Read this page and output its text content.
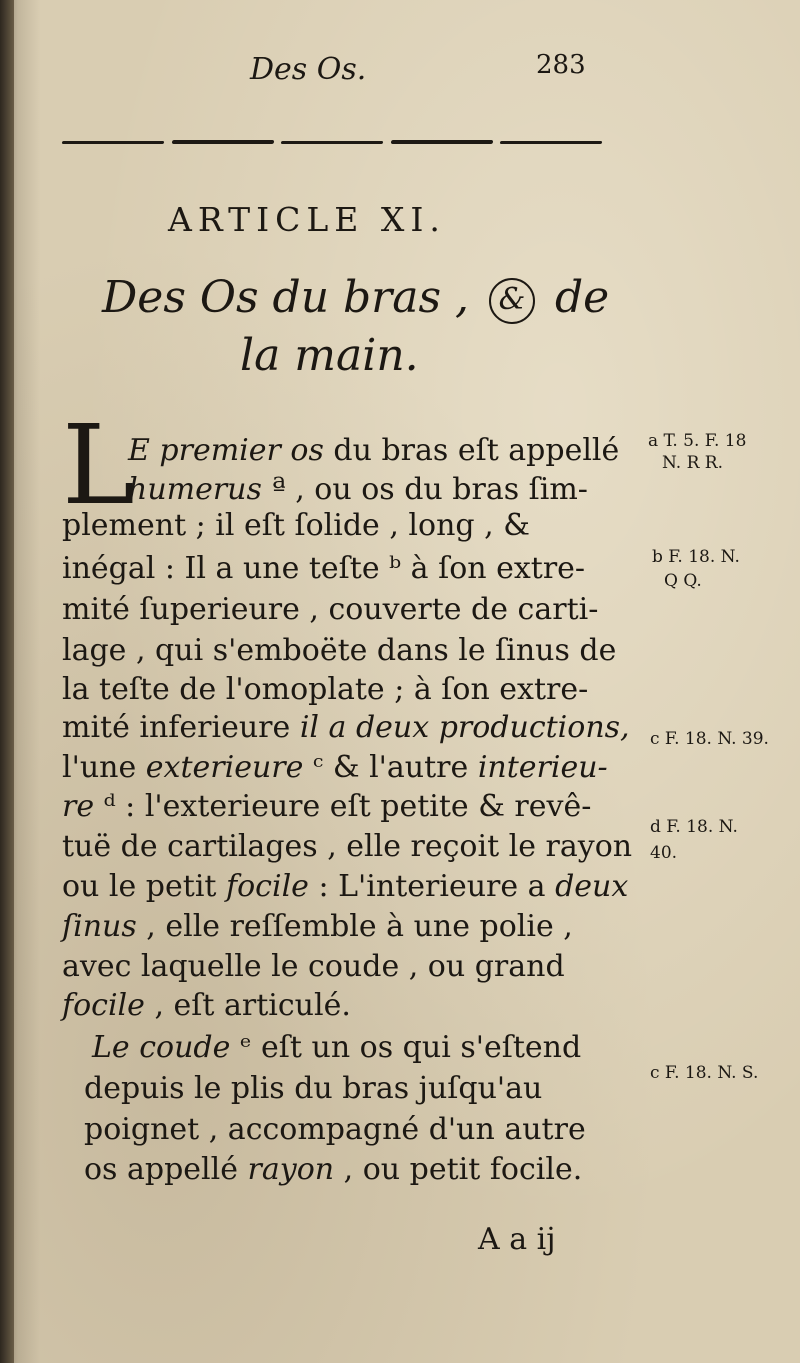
Des Os.	283
ARTICLE XI.
Des Os du bras , & de
la main.
L	a T. 5. F. 18
N. R R.
b F. 18. N.
Q Q.
c F. 18. N. 39.
d F. 18. N.
40.
c F. 18. N. S.
A a ij
E premier os du bras eſt appellé
humerus ª , ou os du bras ſim-
plement ; il eſt ſolide , long , &
inégal : Il a une teſte ᵇ à ſon extre-
mité ſuperieure , couverte de carti-
lage , qui s'emboëte dans le ſinus de
la teſte de l'omoplate ; à ſon extre-
mité inferieure il a deux productions,
l'une exterieure ᶜ & l'autre interieu-
re ᵈ : l'exterieure eſt petite & revê-
tuë de cartilages , elle reçoit le rayon
ou le petit focile : L'interieure a deux
ſinus , elle reſſemble à une polie ,
avec laquelle le coude , ou grand
focile , eſt articulé.
Le coude ᵉ eſt un os qui s'eſtend
depuis le plis du bras juſqu'au
poignet , accompagné d'un autre
os appellé rayon , ou petit focile.
